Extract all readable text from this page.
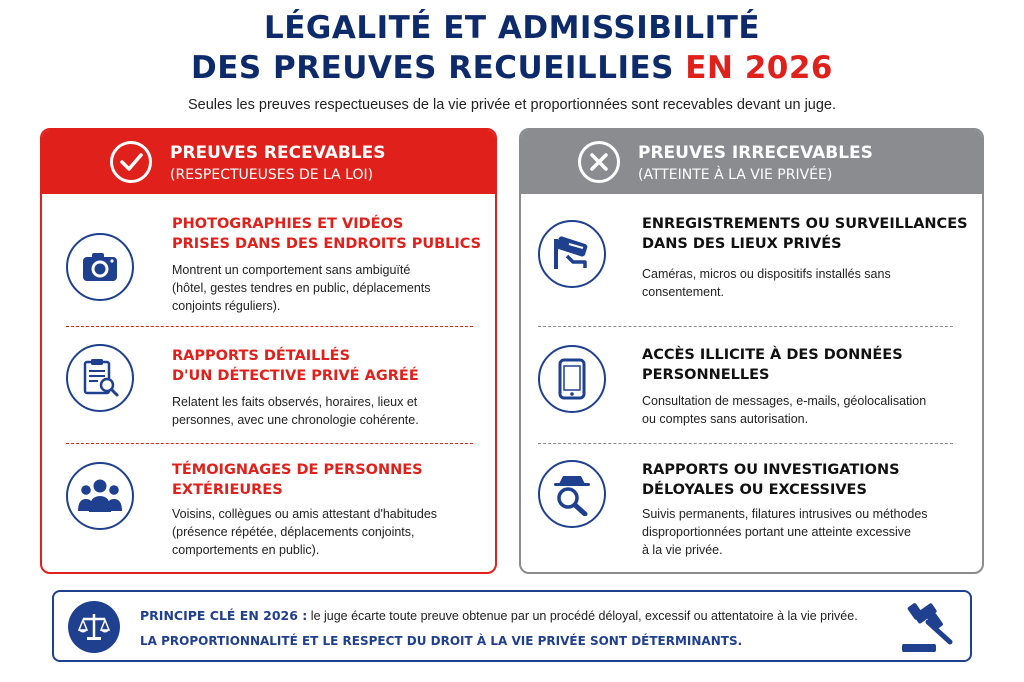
LÉGALITÉ ET ADMISSIBILITÉ
DES PREUVES RECUEILLIES EN 2026
Seules les preuves respectueuses de la vie privée et proportionnées sont recevables devant un juge.
PREUVES RECEVABLES
(RESPECTUEUSES DE LA LOI)
PHOTOGRAPHIES ET VIDÉOS
PRISES DANS DES ENDROITS PUBLICS
Montrent un comportement sans ambiguïté
(hôtel, gestes tendres en public, déplacements
conjoints réguliers).
RAPPORTS DÉTAILLÉS
D'UN DÉTECTIVE PRIVÉ AGRÉÉ
Relatent les faits observés, horaires, lieux et
personnes, avec une chronologie cohérente.
TÉMOIGNAGES DE PERSONNES
EXTÉRIEURES
Voisins, collègues ou amis attestant d'habitudes
(présence répétée, déplacements conjoints,
comportements en public).
PREUVES IRRECEVABLES
(ATTEINTE À LA VIE PRIVÉE)
ENREGISTREMENTS OU SURVEILLANCES
DANS DES LIEUX PRIVÉS
Caméras, micros ou dispositifs installés sans
consentement.
ACCÈS ILLICITE À DES DONNÉES
PERSONNELLES
Consultation de messages, e-mails, géolocalisation
ou comptes sans autorisation.
RAPPORTS OU INVESTIGATIONS
DÉLOYALES OU EXCESSIVES
Suivis permanents, filatures intrusives ou méthodes
disproportionnées portant une atteinte excessive
à la vie privée.
PRINCIPE CLÉ EN 2026 : le juge écarte toute preuve obtenue par un procédé déloyal, excessif ou attentatoire à la vie privée.
LA PROPORTIONNALITÉ ET LE RESPECT DU DROIT À LA VIE PRIVÉE SONT DÉTERMINANTS.
